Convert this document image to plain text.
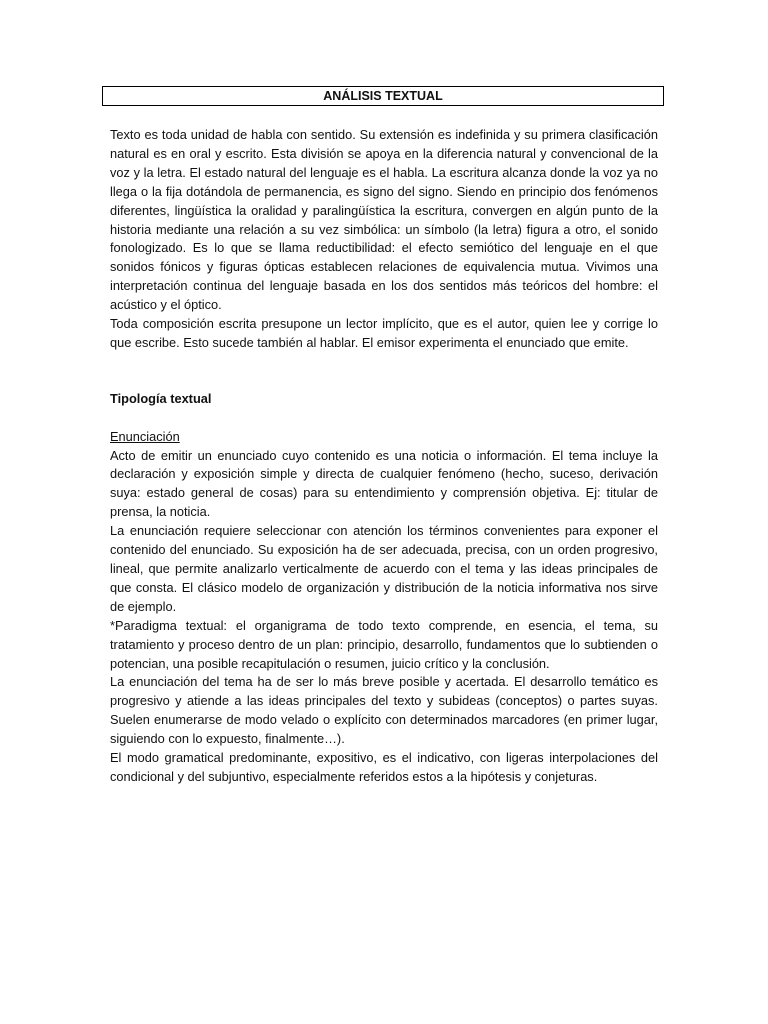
ANÁLISIS TEXTUAL

Texto es toda unidad de habla con sentido. Su extensión es indefinida y su primera clasificación natural es en oral y escrito. Esta división se apoya en la diferencia natural y convencional de la voz y la letra. El estado natural del lenguaje es el habla. La escritura alcanza donde la voz ya no llega o la fija dotándola de permanencia, es signo del signo. Siendo en principio dos fenómenos diferentes, lingüística la oralidad y paralingüística la escritura, convergen en algún punto de la historia mediante una relación a su vez simbólica: un símbolo (la letra) figura a otro, el sonido fonologizado. Es lo que se llama reductibilidad: el efecto semiótico del lenguaje en el que sonidos fónicos y figuras ópticas establecen relaciones de equivalencia mutua. Vivimos una interpretación continua del lenguaje basada en los dos sentidos más teóricos del hombre: el acústico y el óptico.

Toda composición escrita presupone un lector implícito, que es el autor, quien lee y corrige lo que escribe. Esto sucede también al hablar. El emisor experimenta el enunciado que emite.

Tipología textual

Enunciación

Acto de emitir un enunciado cuyo contenido es una noticia o información. El tema incluye la declaración y exposición simple y directa de cualquier fenómeno (hecho, suceso, derivación suya: estado general de cosas) para su entendimiento y comprensión objetiva. Ej: titular de prensa, la noticia.

La enunciación requiere seleccionar con atención los términos convenientes para exponer el contenido del enunciado. Su exposición ha de ser adecuada, precisa, con un orden progresivo, lineal, que permite analizarlo verticalmente de acuerdo con el tema y las ideas principales de que consta. El clásico modelo de organización y distribución de la noticia informativa nos sirve de ejemplo.

*Paradigma textual: el organigrama de todo texto comprende, en esencia, el tema, su tratamiento y proceso dentro de un plan: principio, desarrollo, fundamentos que lo subtienden o potencian, una posible recapitulación o resumen, juicio crítico y la conclusión.

La enunciación del tema ha de ser lo más breve posible y acertada. El desarrollo temático es progresivo y atiende a las ideas principales del texto y subideas (conceptos) o partes suyas. Suelen enumerarse de modo velado o explícito con determinados marcadores (en primer lugar, siguiendo con lo expuesto, finalmente…).

El modo gramatical predominante, expositivo, es el indicativo, con ligeras interpolaciones del condicional y del subjuntivo, especialmente referidos estos a la hipótesis y conjeturas.
